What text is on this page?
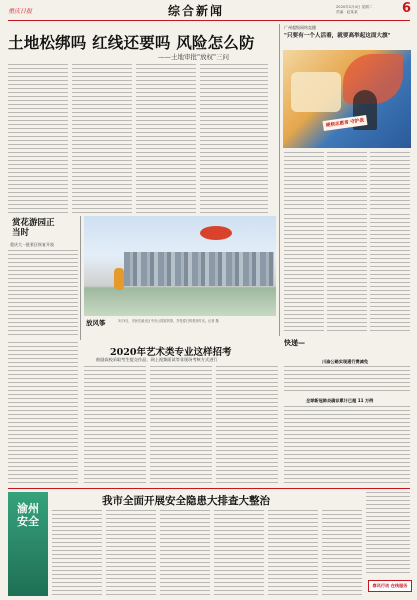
重庆日报	综合新闻	2020年2月4日 星期二
责编：赵某某	6
土地松绑吗 红线还要吗 风险怎么防
——土地审批"放权"三问
广州超级网络直播
"只要有一个人活着，就要高举起这面大旗"
硬核志愿者 守护战
赏花游园正当时
重庆大一批景区恢复开放
放风筝	3月3日，市民在渝北区中央公园放风筝，享受春日的美好时光。记者 摄
2020年艺术类专业这样招考
鼓励高校采取考生提交作品、网上视频面试等非现场考核方式进行
快递—
川渝公路实现通行费减免
全球新冠肺炎确诊累计已超 11 万例
渝州安全
我市全面开展安全隐患大排查大整治
春风行动 在线服务
